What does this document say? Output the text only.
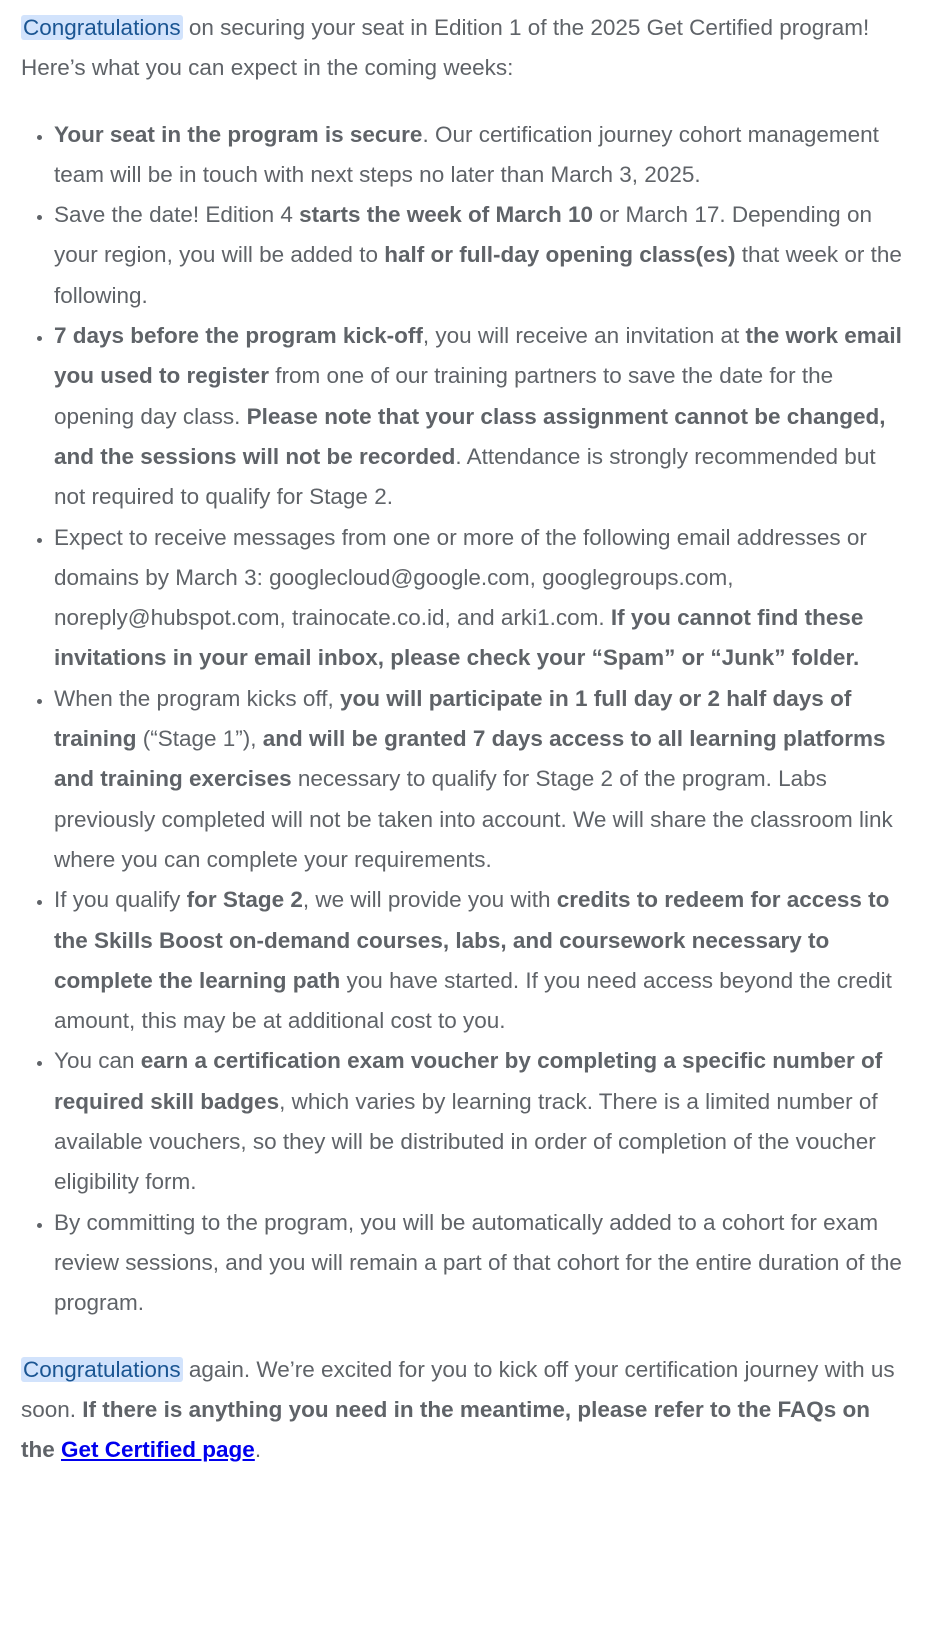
Congratulations on securing your seat in Edition 1 of the 2025 Get Certified program! Here’s what you can expect in the coming weeks:

• Your seat in the program is secure. Our certification journey cohort management team will be in touch with next steps no later than March 3, 2025.
• Save the date! Edition 4 starts the week of March 10 or March 17. Depending on your region, you will be added to half or full-day opening class(es) that week or the following.
• 7 days before the program kick-off, you will receive an invitation at the work email you used to register from one of our training partners to save the date for the opening day class. Please note that your class assignment cannot be changed, and the sessions will not be recorded. Attendance is strongly recommended but not required to qualify for Stage 2.
• Expect to receive messages from one or more of the following email addresses or domains by March 3: googlecloud@google.com, googlegroups.com, noreply@hubspot.com, trainocate.co.id, and arki1.com. If you cannot find these invitations in your email inbox, please check your “Spam” or “Junk” folder.
• When the program kicks off, you will participate in 1 full day or 2 half days of training (“Stage 1”), and will be granted 7 days access to all learning platforms and training exercises necessary to qualify for Stage 2 of the program. Labs previously completed will not be taken into account. We will share the classroom link where you can complete your requirements.
• If you qualify for Stage 2, we will provide you with credits to redeem for access to the Skills Boost on-demand courses, labs, and coursework necessary to complete the learning path you have started. If you need access beyond the credit amount, this may be at additional cost to you.
• You can earn a certification exam voucher by completing a specific number of required skill badges, which varies by learning track. There is a limited number of available vouchers, so they will be distributed in order of completion of the voucher eligibility form.
• By committing to the program, you will be automatically added to a cohort for exam review sessions, and you will remain a part of that cohort for the entire duration of the program.

Congratulations again. We’re excited for you to kick off your certification journey with us soon. If there is anything you need in the meantime, please refer to the FAQs on the Get Certified page.
